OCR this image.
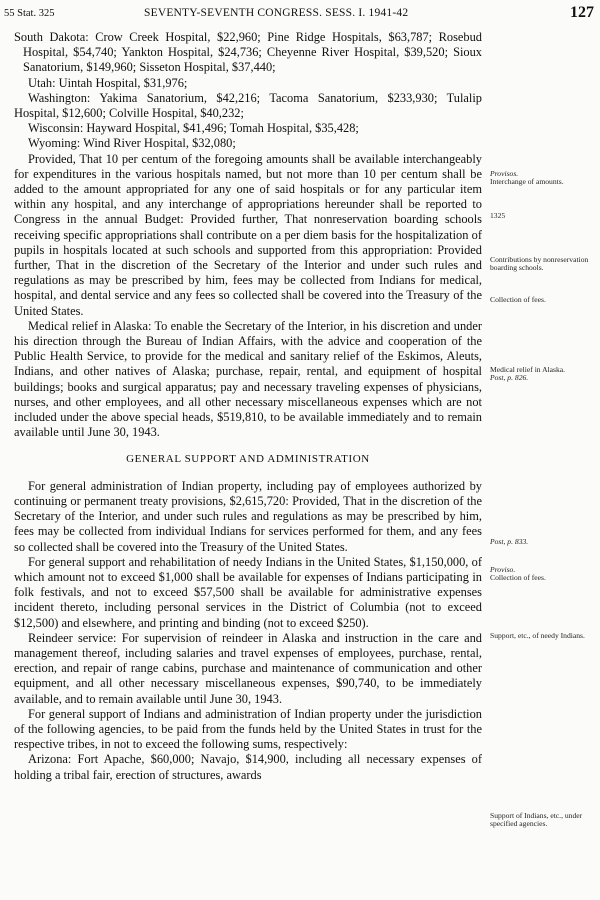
55 Stat. 325	SEVENTY-SEVENTH CONGRESS. SESS. I. 1941-42	127

South Dakota: Crow Creek Hospital, $22,960; Pine Ridge Hospitals, $63,787; Rosebud Hospital, $54,740; Yankton Hospital, $24,736; Cheyenne River Hospital, $39,520; Sioux Sanatorium, $149,960; Sisseton Hospital, $37,440;

Utah: Uintah Hospital, $31,976;

Washington: Yakima Sanatorium, $42,216; Tacoma Sanatorium, $233,930; Tulalip Hospital, $12,600; Colville Hospital, $40,232;

Wisconsin: Hayward Hospital, $41,496; Tomah Hospital, $35,428;

Wyoming: Wind River Hospital, $32,080;

Provided, That 10 per centum of the foregoing amounts shall be available interchangeably for expenditures in the various hospitals named, but not more than 10 per centum shall be added to the amount appropriated for any one of said hospitals or for any particular item within any hospital, and any interchange of appropriations hereunder shall be reported to Congress in the annual Budget: Provided further, That nonreservation boarding schools receiving specific appropriations shall contribute on a per diem basis for the hospitalization of pupils in hospitals located at such schools and supported from this appropriation: Provided further, That in the discretion of the Secretary of the Interior and under such rules and regulations as may be prescribed by him, fees may be collected from Indians for medical, hospital, and dental service and any fees so collected shall be covered into the Treasury of the United States.

Medical relief in Alaska: To enable the Secretary of the Interior, in his discretion and under his direction through the Bureau of Indian Affairs, with the advice and cooperation of the Public Health Service, to provide for the medical and sanitary relief of the Eskimos, Aleuts, Indians, and other natives of Alaska; purchase, repair, rental, and equipment of hospital buildings; books and surgical apparatus; pay and necessary traveling expenses of physicians, nurses, and other employees, and all other necessary miscellaneous expenses which are not included under the above special heads, $519,810, to be available immediately and to remain available until June 30, 1943.

GENERAL SUPPORT AND ADMINISTRATION

For general administration of Indian property, including pay of employees authorized by continuing or permanent treaty provisions, $2,615,720: Provided, That in the discretion of the Secretary of the Interior, and under such rules and regulations as may be prescribed by him, fees may be collected from individual Indians for services performed for them, and any fees so collected shall be covered into the Treasury of the United States.

For general support and rehabilitation of needy Indians in the United States, $1,150,000, of which amount not to exceed $1,000 shall be available for expenses of Indians participating in folk festivals, and not to exceed $57,500 shall be available for administrative expenses incident thereto, including personal services in the District of Columbia (not to exceed $12,500) and elsewhere, and printing and binding (not to exceed $250).

Reindeer service: For supervision of reindeer in Alaska and instruction in the care and management thereof, including salaries and travel expenses of employees, purchase, rental, erection, and repair of range cabins, purchase and maintenance of communication and other equipment, and all other necessary miscellaneous expenses, $90,740, to be immediately available, and to remain available until June 30, 1943.

For general support of Indians and administration of Indian property under the jurisdiction of the following agencies, to be paid from the funds held by the United States in trust for the respective tribes, in not to exceed the following sums, respectively:

Arizona: Fort Apache, $60,000; Navajo, $14,900, including all necessary expenses of holding a tribal fair, erection of structures, awards

Provisos.
Interchange of amounts.
1325
Contributions by nonreservation boarding schools.
Collection of fees.
Medical relief in Alaska.
Post, p. 826.
Post, p. 833.
Proviso.
Collection of fees.
Support, etc., of needy Indians.
Support of Indians, etc., under specified agencies.
